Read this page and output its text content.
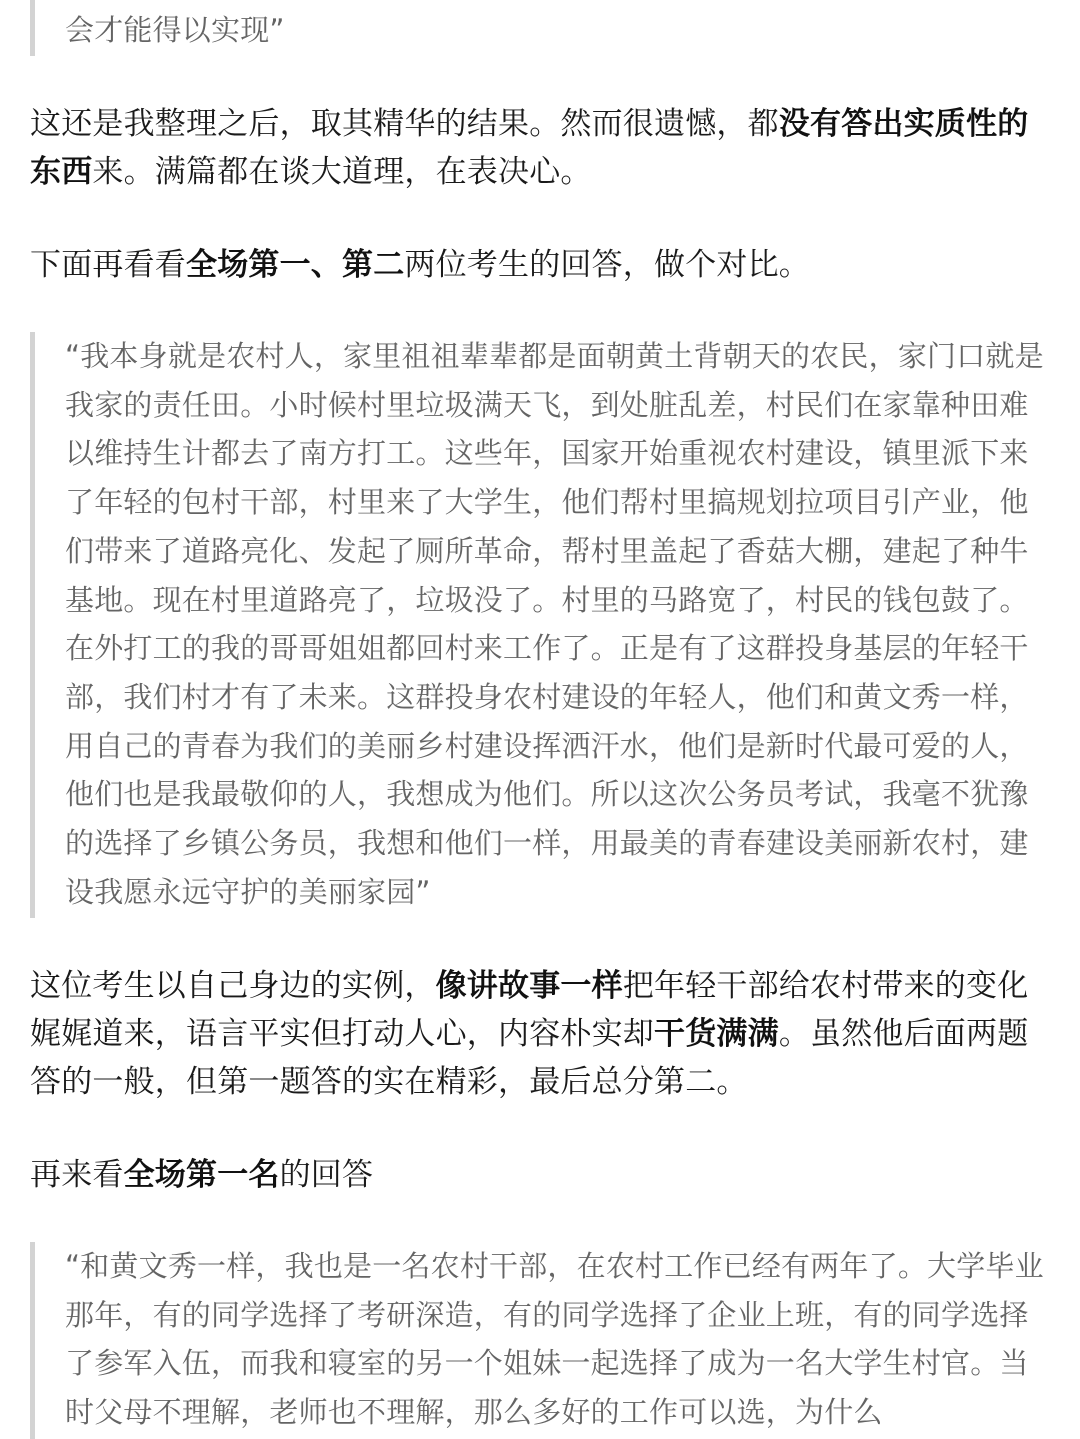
会才能得以实现”

这还是我整理之后，取其精华的结果。然而很遗憾，都没有答出实质性的东西来。满篇都在谈大道理，在表决心。

下面再看看全场第一、第二两位考生的回答，做个对比。

“我本身就是农村人，家里祖祖辈辈都是面朝黄土背朝天的农民，家门口就是我家的责任田。小时候村里垃圾满天飞，到处脏乱差，村民们在家靠种田难以维持生计都去了南方打工。这些年，国家开始重视农村建设，镇里派下来了年轻的包村干部，村里来了大学生，他们帮村里搞规划拉项目引产业，他们带来了道路亮化、发起了厕所革命，帮村里盖起了香菇大棚，建起了种牛基地。现在村里道路亮了，垃圾没了。村里的马路宽了，村民的钱包鼓了。在外打工的我的哥哥姐姐都回村来工作了。正是有了这群投身基层的年轻干部，我们村才有了未来。这群投身农村建设的年轻人，他们和黄文秀一样，用自己的青春为我们的美丽乡村建设挥洒汗水，他们是新时代最可爱的人，他们也是我最敬仰的人，我想成为他们。所以这次公务员考试，我毫不犹豫的选择了乡镇公务员，我想和他们一样，用最美的青春建设美丽新农村，建设我愿永远守护的美丽家园”

这位考生以自己身边的实例，像讲故事一样把年轻干部给农村带来的变化娓娓道来，语言平实但打动人心，内容朴实却干货满满。虽然他后面两题答的一般，但第一题答的实在精彩，最后总分第二。

再来看全场第一名的回答

“和黄文秀一样，我也是一名农村干部，在农村工作已经有两年了。大学毕业那年，有的同学选择了考研深造，有的同学选择了企业上班，有的同学选择了参军入伍，而我和寝室的另一个姐妹一起选择了成为一名大学生村官。当时父母不理解，老师也不理解，那么多好的工作可以选，为什么
